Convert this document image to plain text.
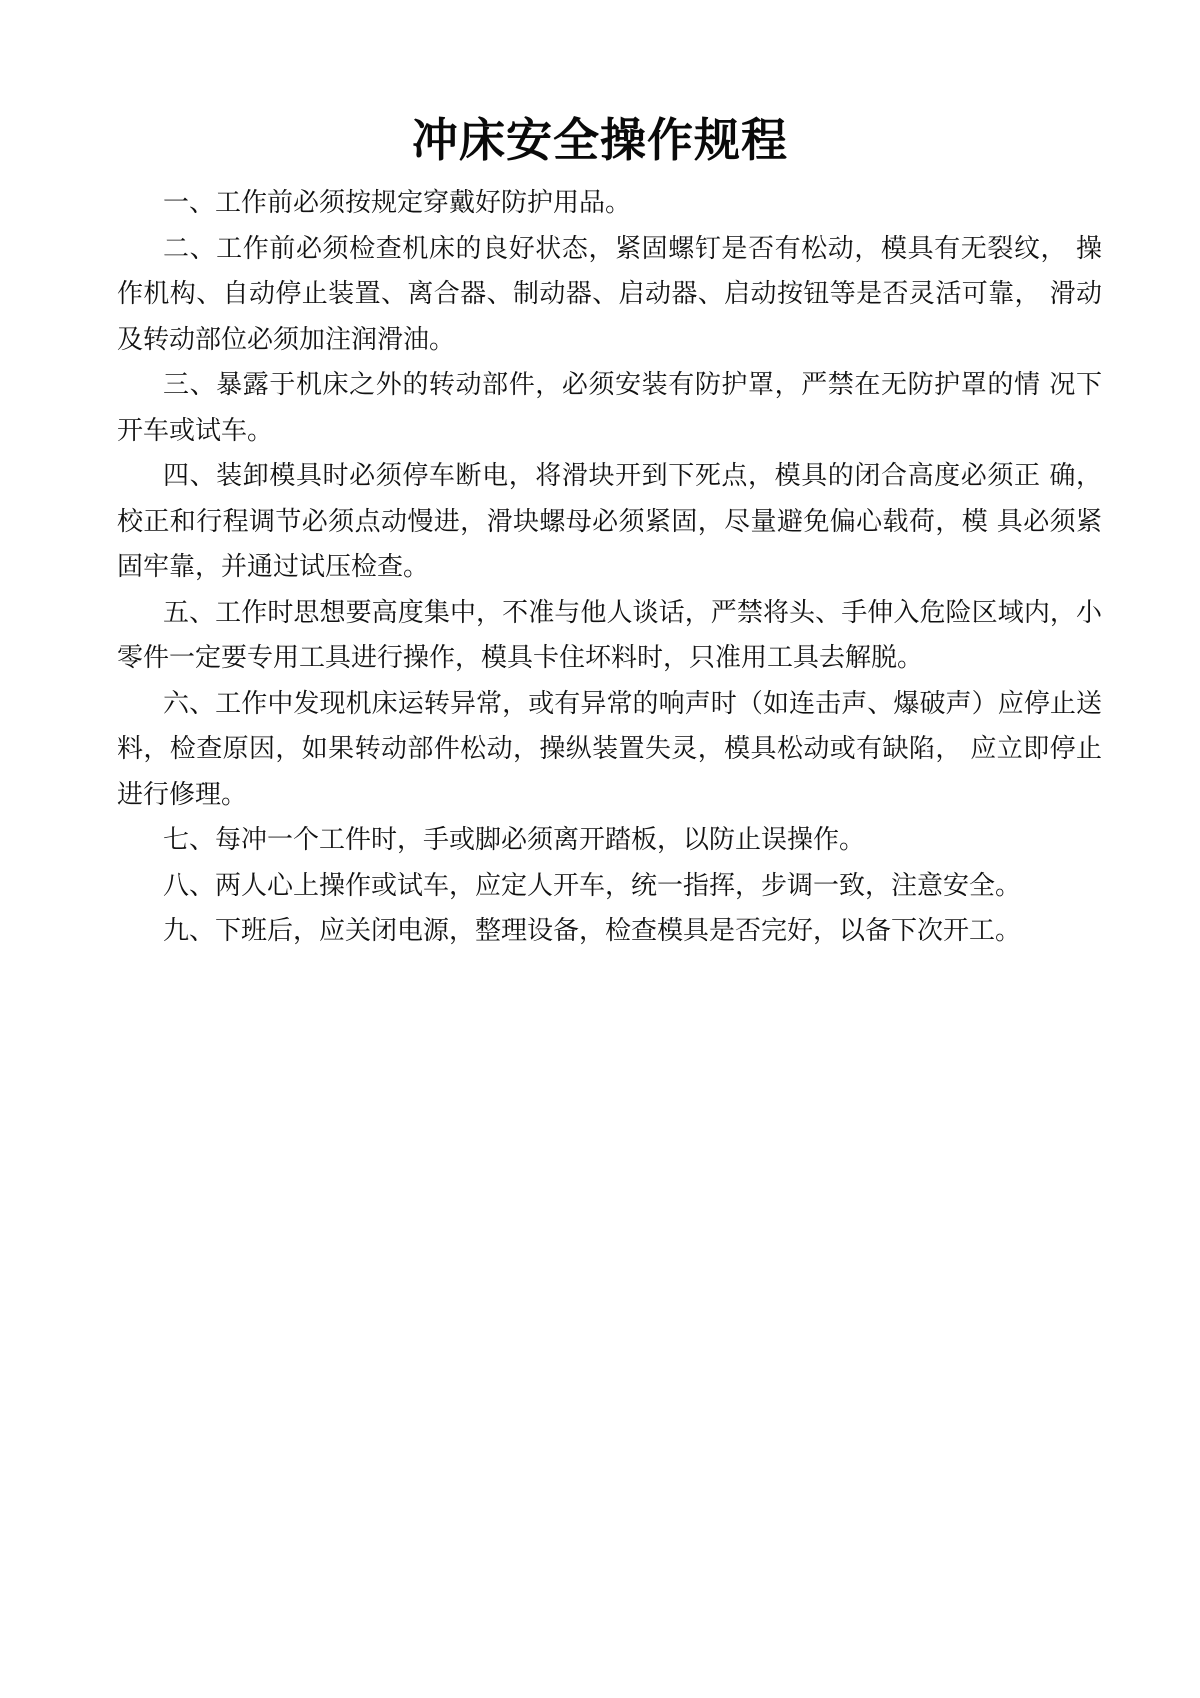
冲床安全操作规程
一、工作前必须按规定穿戴好防护用品。
二、工作前必须检查机床的良好状态，紧固螺钉是否有松动，模具有无裂纹， 操作机构、自动停止装置、离合器、制动器、启动器、启动按钮等是否灵活可靠， 滑动及转动部位必须加注润滑油。
三、暴露于机床之外的转动部件，必须安装有防护罩，严禁在无防护罩的情 况下开车或试车。
四、装卸模具时必须停车断电，将滑块开到下死点，模具的闭合高度必须正 确，校正和行程调节必须点动慢进，滑块螺母必须紧固，尽量避免偏心载荷，模 具必须紧固牢靠，并通过试压检查。
五、工作时思想要高度集中，不准与他人谈话，严禁将头、手伸入危险区域内，小零件一定要专用工具进行操作，模具卡住坏料时，只准用工具去解脱。
六、工作中发现机床运转异常，或有异常的响声时（如连击声、爆破声）应停止送料，检查原因，如果转动部件松动，操纵装置失灵，模具松动或有缺陷， 应立即停止进行修理。
七、每冲一个工件时，手或脚必须离开踏板，以防止误操作。
八、两人心上操作或试车，应定人开车，统一指挥，步调一致，注意安全。
九、下班后，应关闭电源，整理设备，检查模具是否完好，以备下次开工。
